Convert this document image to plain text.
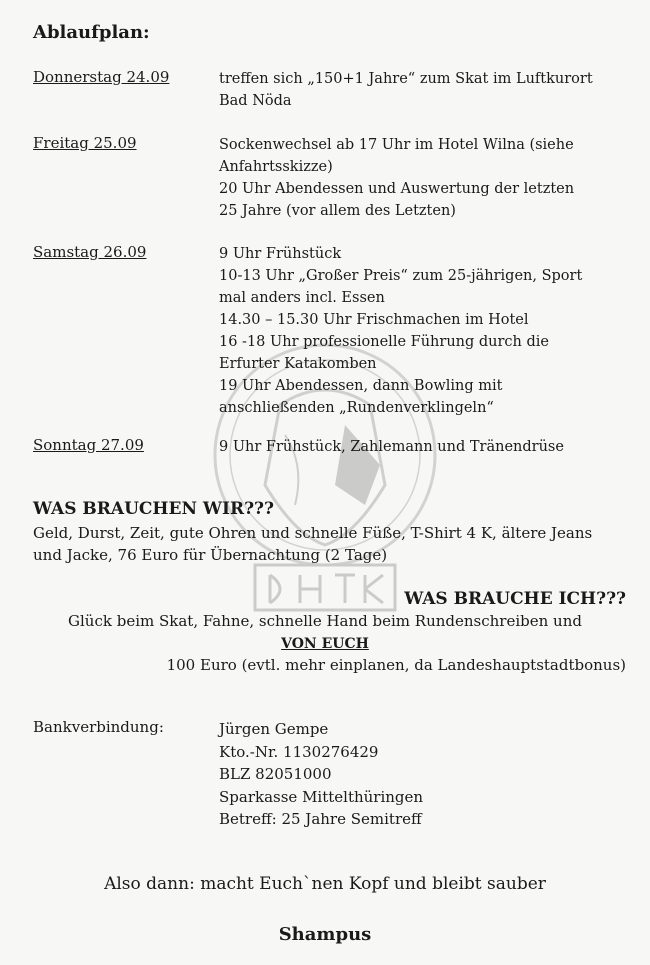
Ablaufplan:
Donnerstag 24.09	treffen sich „150+1 Jahre“ zum Skat im Luftkurort
Bad Nöda
Freitag 25.09	Sockenwechsel ab 17 Uhr im Hotel Wilna (siehe
Anfahrtsskizze)
20 Uhr Abendessen und Auswertung der letzten
25 Jahre (vor allem des Letzten)
Samstag 26.09	9 Uhr Frühstück
10-13 Uhr „Großer Preis“ zum 25-jährigen, Sport
mal anders incl. Essen
14.30 – 15.30 Uhr Frischmachen im Hotel
16 -18 Uhr professionelle Führung durch die
Erfurter Katakomben
19 Uhr Abendessen, dann Bowling mit
anschließenden „Rundenverklingeln“
Sonntag 27.09	9 Uhr Frühstück, Zahlemann und Tränendrüse
WAS BRAUCHEN WIR???
Geld, Durst, Zeit, gute Ohren und schnelle Füße, T-Shirt 4 K, ältere Jeans
und Jacke, 76 Euro für Übernachtung (2 Tage)
WAS BRAUCHE ICH???
Glück beim Skat, Fahne, schnelle Hand beim Rundenschreiben und
VON EUCH
100 Euro (evtl. mehr einplanen, da Landeshauptstadtbonus)
Bankverbindung:	Jürgen Gempe
Kto.-Nr. 1130276429
BLZ 82051000
Sparkasse Mittelthüringen
Betreff: 25 Jahre Semitreff
Also dann: macht Euch`nen Kopf und bleibt sauber
Shampus
